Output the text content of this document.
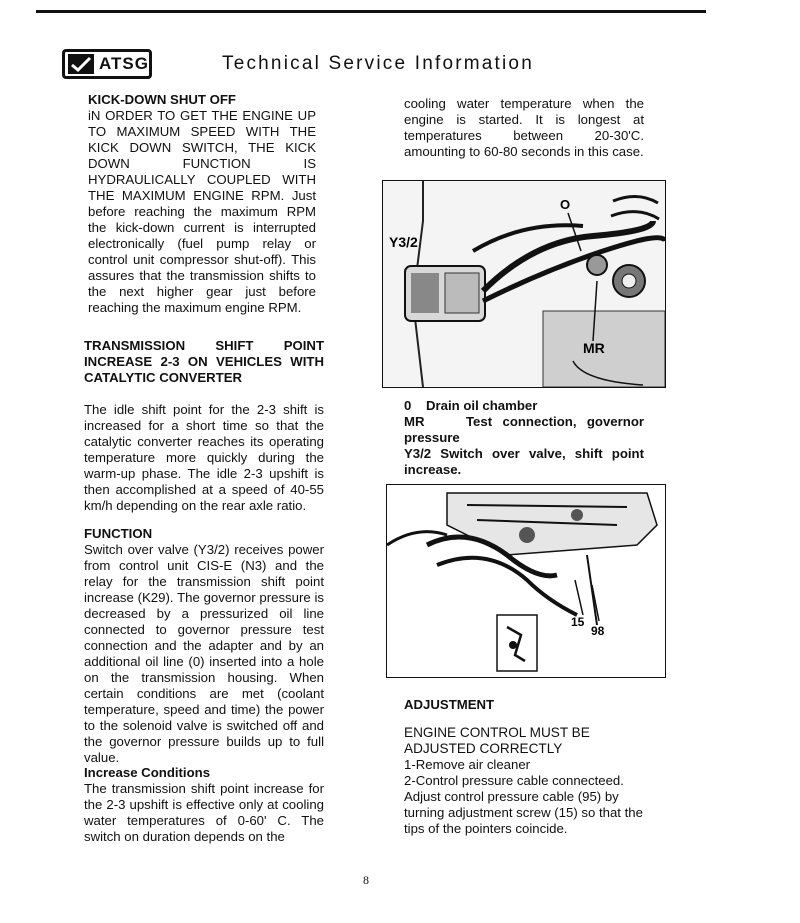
ATSG	Technical Service Information

KICK-DOWN SHUT OFF

iN ORDER TO GET THE ENGINE UP TO MAXIMUM SPEED WITH THE KICK DOWN SWITCH, THE KICK DOWN FUNCTION IS HYDRAULICALLY COUPLED WITH THE MAXIMUM ENGINE RPM. Just before reaching the maximum RPM the kick-down current is interrupted electronically (fuel pump relay or control unit compressor shut-off). This assures that the transmission shifts to the next higher gear just before reaching the maximum engine RPM.

TRANSMISSION SHIFT POINT INCREASE 2-3 ON VEHICLES WITH CATALYTIC CONVERTER

The idle shift point for the 2-3 shift is increased for a short time so that the catalytic converter reaches its operating temperature more quickly during the warm-up phase. The idle 2-3 upshift is then accomplished at a speed of 40-55 km/h depending on the rear axle ratio.

FUNCTION

Switch over valve (Y3/2) receives power from control unit CIS-E (N3) and the relay for the transmission shift point increase (K29). The governor pressure is decreased by a pressurized oil line connected to governor pressure test connection and the adapter and by an additional oil line (0) inserted into a hole on the transmission housing. When certain conditions are met (coolant temperature, speed and time) the power to the solenoid valve is switched off and the governor pressure builds up to full value.

Increase Conditions

The transmission shift point increase for the 2-3 upshift is effective only at cooling water temperatures of 0-60' C. The switch on duration depends on the

cooling water temperature when the engine is started. It is longest at temperatures between 20-30'C. amounting to 60-80 seconds in this case.

O
Y3/2
MR
0 Drain oil chamber
MR	Test connection, governor pressure
Y3/2 Switch over valve, shift point increase.
15
98

ADJUSTMENT

ENGINE CONTROL MUST BE ADJUSTED CORRECTLY

1-Remove air cleaner

2-Control pressure cable connecteed. Adjust control pressure cable (95) by turning adjustment screw (15) so that the tips of the pointers coincide.

8
